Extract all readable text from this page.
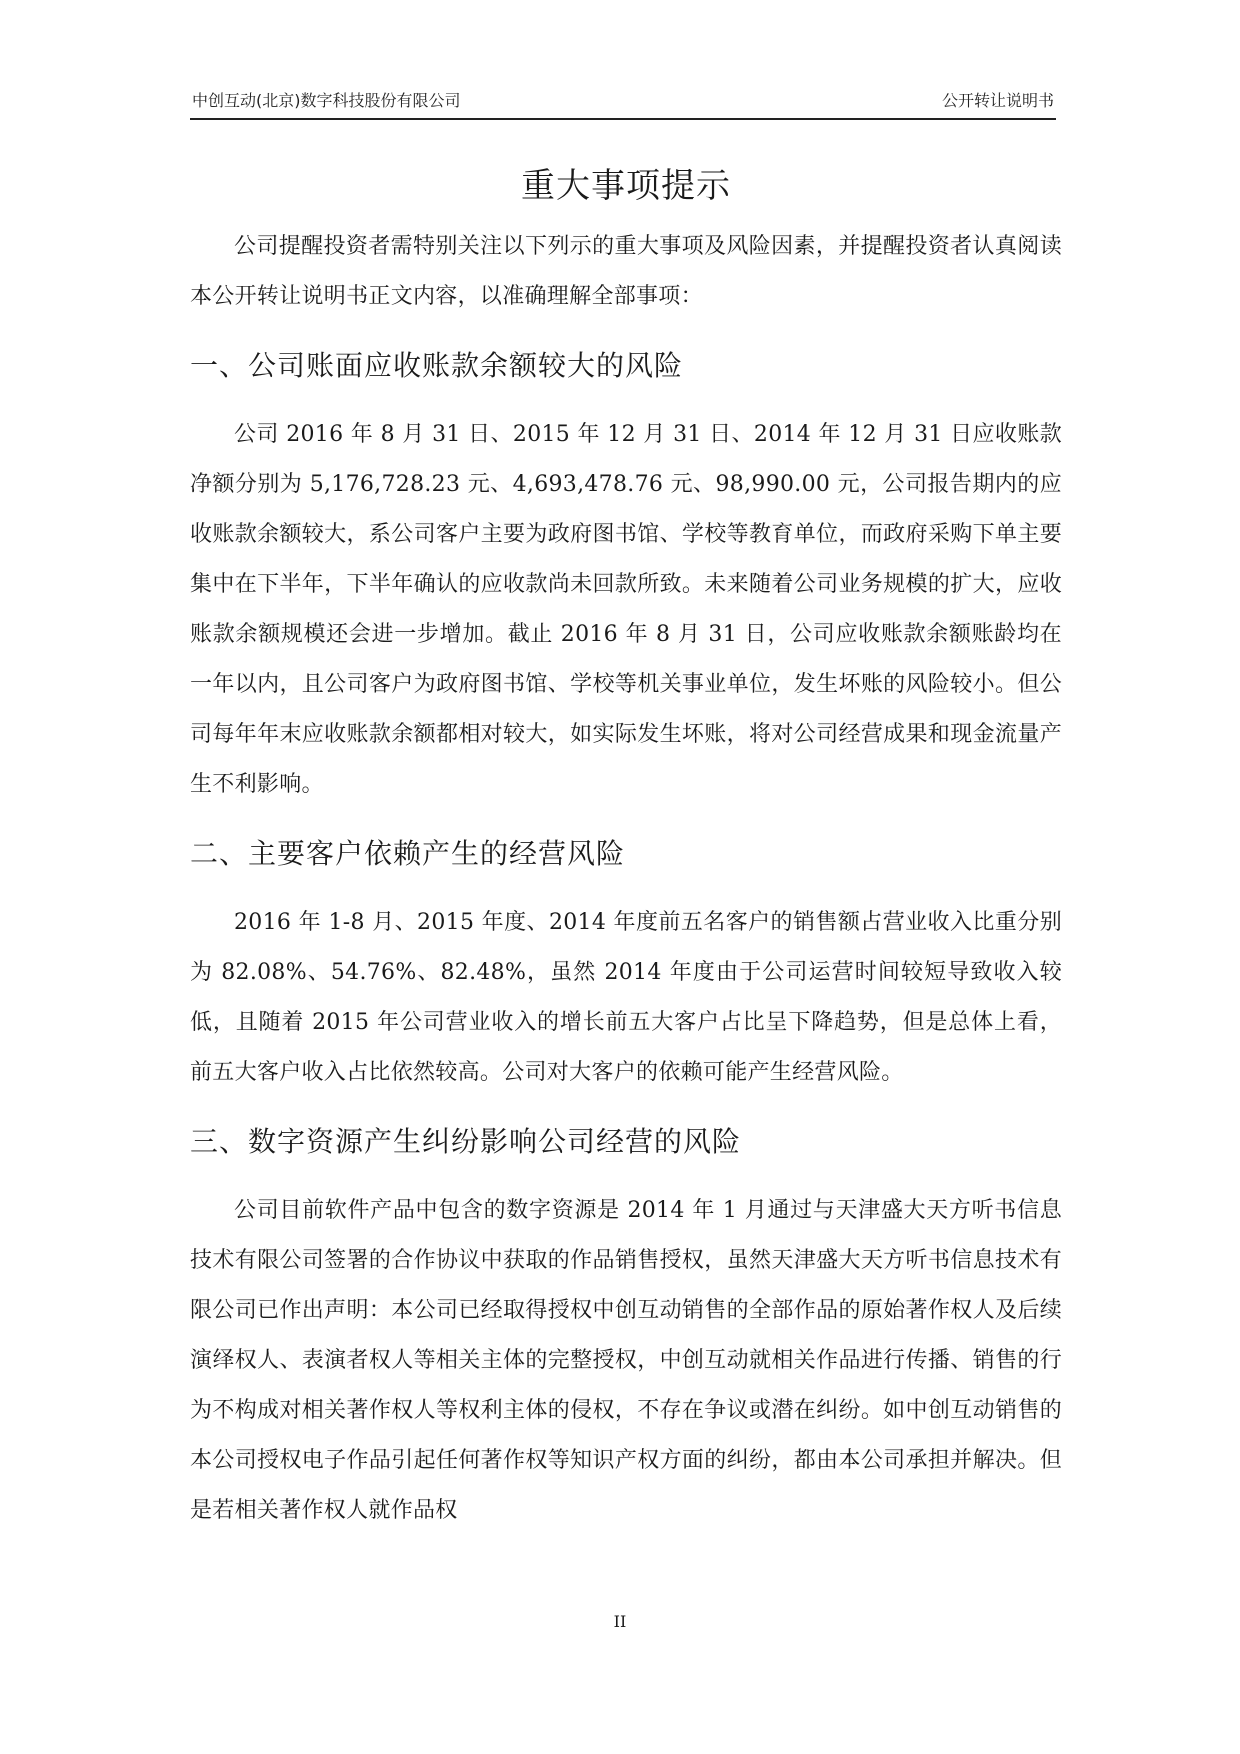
中创互动(北京)数字科技股份有限公司	公开转让说明书
重大事项提示

公司提醒投资者需特别关注以下列示的重大事项及风险因素，并提醒投资者认真阅读本公开转让说明书正文内容，以准确理解全部事项：

一、公司账面应收账款余额较大的风险

公司 2016 年 8 月 31 日、2015 年 12 月 31 日、2014 年 12 月 31 日应收账款净额分别为 5,176,728.23 元、4,693,478.76 元、98,990.00 元，公司报告期内的应收账款余额较大，系公司客户主要为政府图书馆、学校等教育单位，而政府采购下单主要集中在下半年，下半年确认的应收款尚未回款所致。未来随着公司业务规模的扩大，应收账款余额规模还会进一步增加。截止 2016 年 8 月 31 日，公司应收账款余额账龄均在一年以内，且公司客户为政府图书馆、学校等机关事业单位，发生坏账的风险较小。但公司每年年末应收账款余额都相对较大，如实际发生坏账，将对公司经营成果和现金流量产生不利影响。

二、主要客户依赖产生的经营风险

2016 年 1-8 月、2015 年度、2014 年度前五名客户的销售额占营业收入比重分别为 82.08%、54.76%、82.48%，虽然 2014 年度由于公司运营时间较短导致收入较低，且随着 2015 年公司营业收入的增长前五大客户占比呈下降趋势，但是总体上看，前五大客户收入占比依然较高。公司对大客户的依赖可能产生经营风险。

三、数字资源产生纠纷影响公司经营的风险

公司目前软件产品中包含的数字资源是 2014 年 1 月通过与天津盛大天方听书信息技术有限公司签署的合作协议中获取的作品销售授权，虽然天津盛大天方听书信息技术有限公司已作出声明：本公司已经取得授权中创互动销售的全部作品的原始著作权人及后续演绎权人、表演者权人等相关主体的完整授权，中创互动就相关作品进行传播、销售的行为不构成对相关著作权人等权利主体的侵权，不存在争议或潜在纠纷。如中创互动销售的本公司授权电子作品引起任何著作权等知识产权方面的纠纷，都由本公司承担并解决。但是若相关著作权人就作品权

II
